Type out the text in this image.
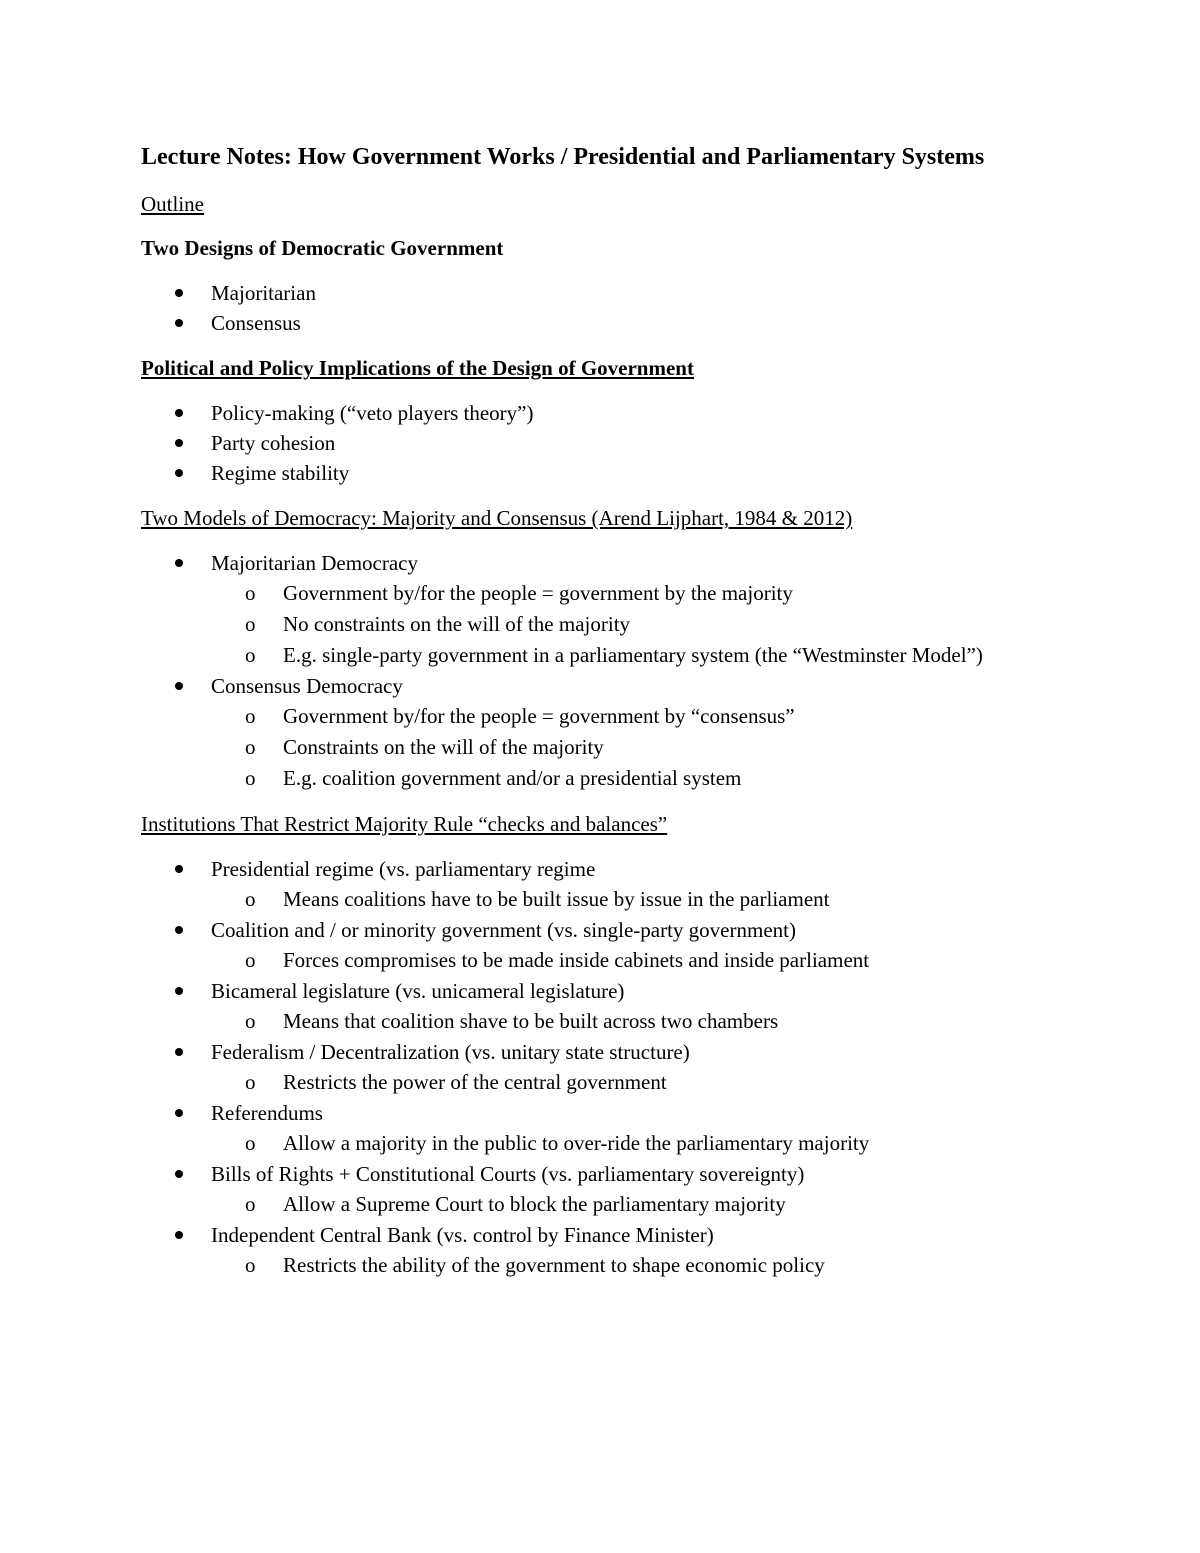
Lecture Notes: How Government Works / Presidential and Parliamentary Systems
Outline
Two Designs of Democratic Government
Majoritarian
Consensus
Political and Policy Implications of the Design of Government
Policy-making (“veto players theory”)
Party cohesion
Regime stability
Two Models of Democracy: Majority and Consensus (Arend Lijphart, 1984 & 2012)
Majoritarian Democracy
o Government by/for the people = government by the majority
o No constraints on the will of the majority
o E.g. single-party government in a parliamentary system (the “Westminster Model”)
Consensus Democracy
o Government by/for the people = government by “consensus”
o Constraints on the will of the majority
o E.g. coalition government and/or a presidential system
Institutions That Restrict Majority Rule “checks and balances”
Presidential regime (vs. parliamentary regime
o Means coalitions have to be built issue by issue in the parliament
Coalition and / or minority government (vs. single-party government)
o Forces compromises to be made inside cabinets and inside parliament
Bicameral legislature (vs. unicameral legislature)
o Means that coalition shave to be built across two chambers
Federalism / Decentralization (vs. unitary state structure)
o Restricts the power of the central government
Referendums
o Allow a majority in the public to over-ride the parliamentary majority
Bills of Rights + Constitutional Courts (vs. parliamentary sovereignty)
o Allow a Supreme Court to block the parliamentary majority
Independent Central Bank (vs. control by Finance Minister)
o Restricts the ability of the government to shape economic policy
